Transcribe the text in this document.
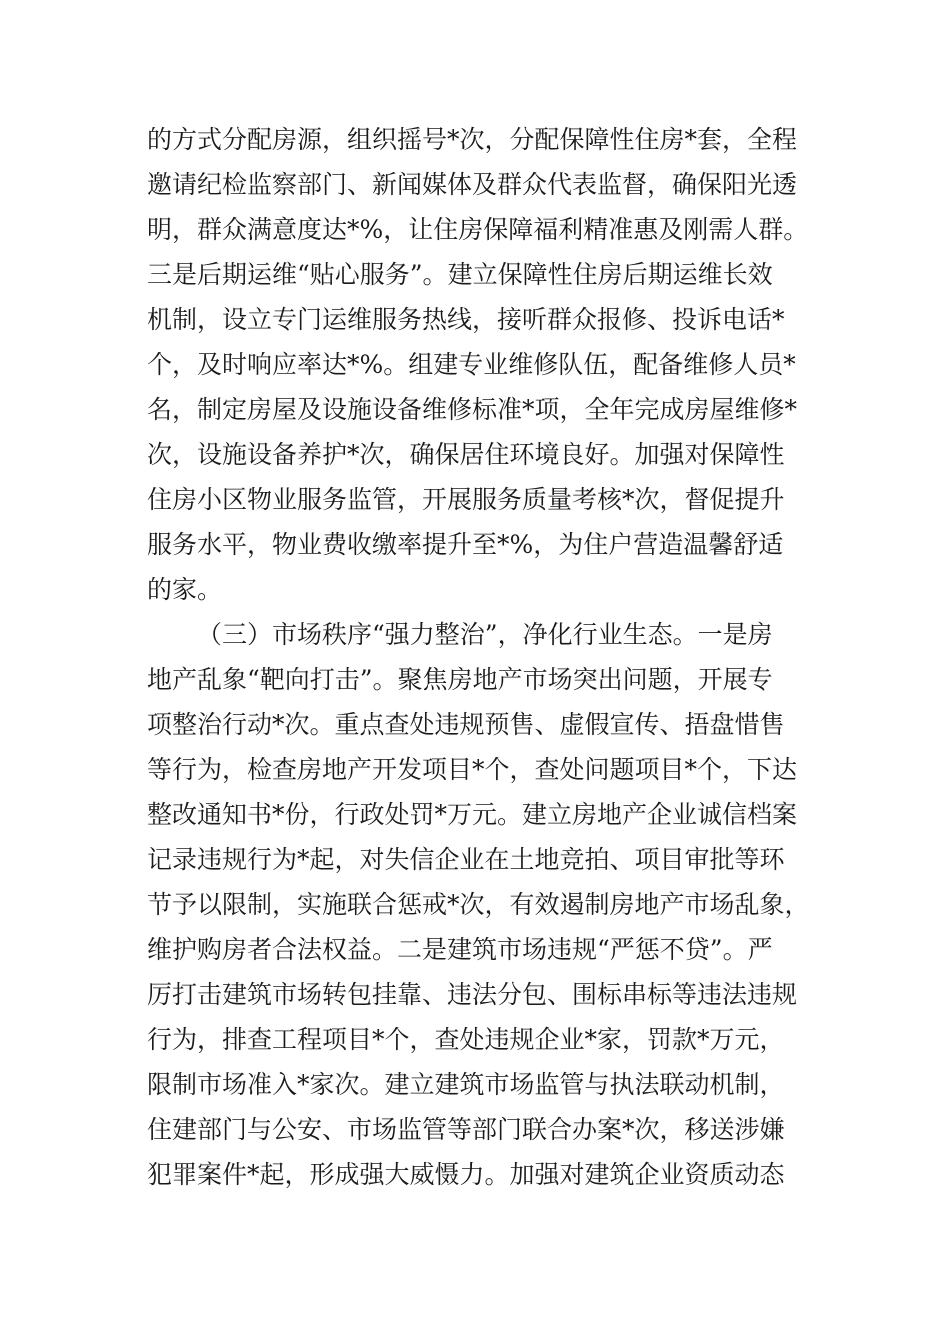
的方式分配房源，组织摇号*次，分配保障性住房*套，全程
邀请纪检监察部门、新闻媒体及群众代表监督，确保阳光透
明，群众满意度达*%，让住房保障福利精准惠及刚需人群。
三是后期运维“贴心服务”。建立保障性住房后期运维长效
机制，设立专门运维服务热线，接听群众报修、投诉电话*
个，及时响应率达*%。组建专业维修队伍，配备维修人员*
名，制定房屋及设施设备维修标准*项，全年完成房屋维修*
次，设施设备养护*次，确保居住环境良好。加强对保障性
住房小区物业服务监管，开展服务质量考核*次，督促提升
服务水平，物业费收缴率提升至*%，为住户营造温馨舒适
的家。
（三）市场秩序“强力整治”，净化行业生态。一是房
地产乱象“靶向打击”。聚焦房地产市场突出问题，开展专
项整治行动*次。重点查处违规预售、虚假宣传、捂盘惜售
等行为，检查房地产开发项目*个，查处问题项目*个，下达
整改通知书*份，行政处罚*万元。建立房地产企业诚信档案
记录违规行为*起，对失信企业在土地竞拍、项目审批等环
节予以限制，实施联合惩戒*次，有效遏制房地产市场乱象，
维护购房者合法权益。二是建筑市场违规“严惩不贷”。严
厉打击建筑市场转包挂靠、违法分包、围标串标等违法违规
行为，排查工程项目*个，查处违规企业*家，罚款*万元，
限制市场准入*家次。建立建筑市场监管与执法联动机制，
住建部门与公安、市场监管等部门联合办案*次，移送涉嫌
犯罪案件*起，形成强大威慑力。加强对建筑企业资质动态
